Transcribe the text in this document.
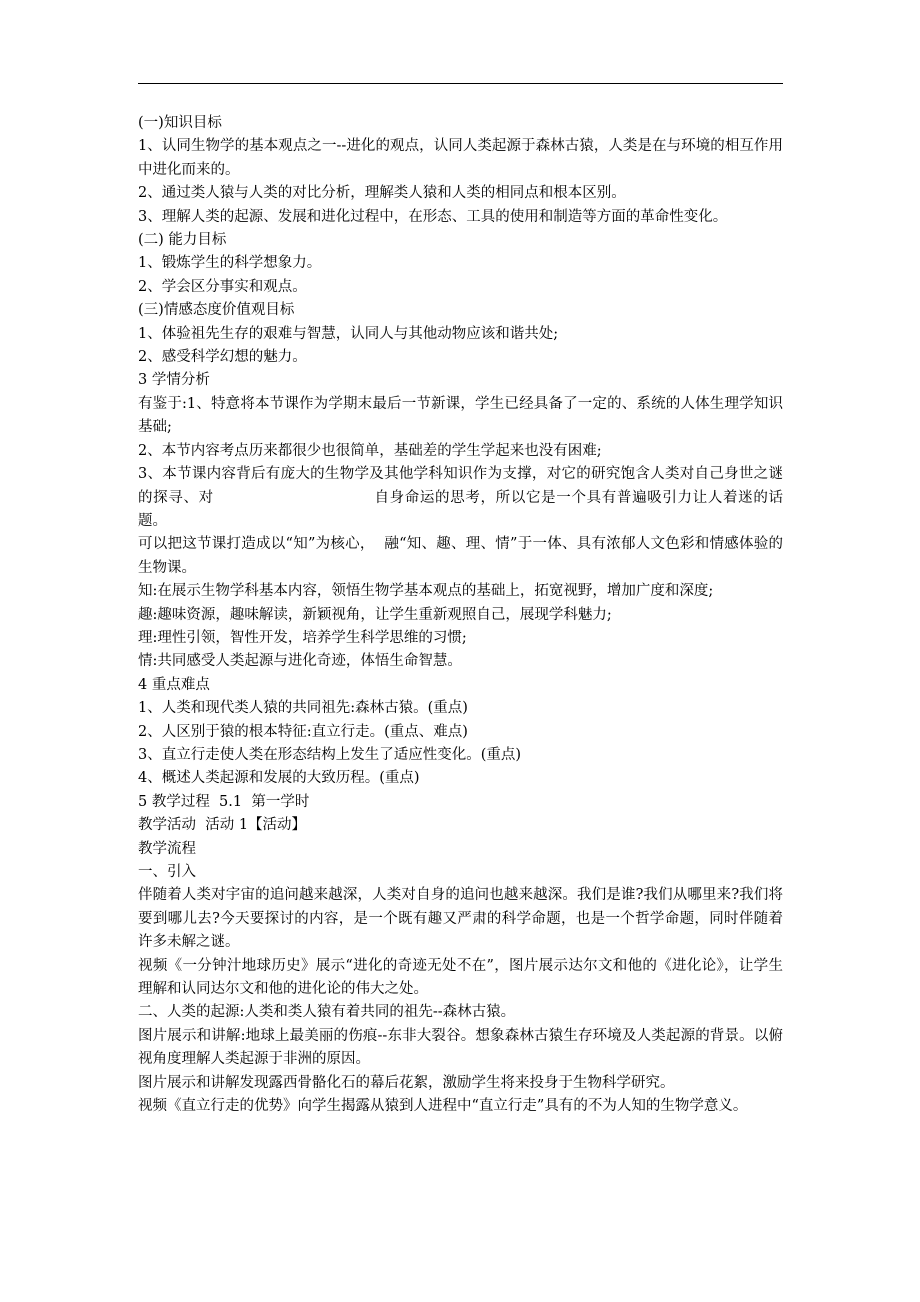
(一)知识目标

1、认同生物学的基本观点之一--进化的观点，认同人类起源于森林古猿，人类是在与环境的相互作用中进化而来的。

2、通过类人猿与人类的对比分析，理解类人猿和人类的相同点和根本区别。

3、理解人类的起源、发展和进化过程中，在形态、工具的使用和制造等方面的革命性变化。

(二) 能力目标

1、锻炼学生的科学想象力。

2、学会区分事实和观点。

(三)情感态度价值观目标

1、体验祖先生存的艰难与智慧，认同人与其他动物应该和谐共处;

2、感受科学幻想的魅力。

3 学情分析

有鉴于:1、特意将本节课作为学期末最后一节新课，学生已经具备了一定的、系统的人体生理学知识基础;

2、本节内容考点历来都很少也很简单，基础差的学生学起来也没有困难;

3、本节课内容背后有庞大的生物学及其他学科知识作为支撑，对它的研究饱含人类对自己身世之谜的探寻、对	自身命运的思考，所以它是一个具有普遍吸引力让人着迷的话题。

可以把这节课打造成以“知”为核心，  融“知、趣、理、情”于一体、具有浓郁人文色彩和情感体验的生物课。

知:在展示生物学科基本内容，领悟生物学基本观点的基础上，拓宽视野，增加广度和深度;

趣:趣味资源，趣味解读，新颖视角，让学生重新观照自己，展现学科魅力;

理:理性引领，智性开发，培养学生科学思维的习惯;

情:共同感受人类起源与进化奇迹，体悟生命智慧。

4 重点难点

1、人类和现代类人猿的共同祖先:森林古猿。(重点)

2、人区别于猿的根本特征:直立行走。(重点、难点)

3、直立行走使人类在形态结构上发生了适应性变化。(重点)

4、概述人类起源和发展的大致历程。(重点)

5 教学过程  5.1  第一学时

教学活动  活动 1【活动】

教学流程

一、引入

伴随着人类对宇宙的追问越来越深，人类对自身的追问也越来越深。我们是谁?我们从哪里来?我们将要到哪儿去?今天要探讨的内容，是一个既有趣又严肃的科学命题，也是一个哲学命题，同时伴随着许多未解之谜。

视频《一分钟汁地球历史》展示“进化的奇迹无处不在”，图片展示达尔文和他的《进化论》，让学生理解和认同达尔文和他的进化论的伟大之处。

二、人类的起源:人类和类人猿有着共同的祖先--森林古猿。

图片展示和讲解:地球上最美丽的伤痕--东非大裂谷。想象森林古猿生存环境及人类起源的背景。以俯视角度理解人类起源于非洲的原因。

图片展示和讲解发现露西骨骼化石的幕后花絮，激励学生将来投身于生物科学研究。

视频《直立行走的优势》向学生揭露从猿到人进程中“直立行走”具有的不为人知的生物学意义。
